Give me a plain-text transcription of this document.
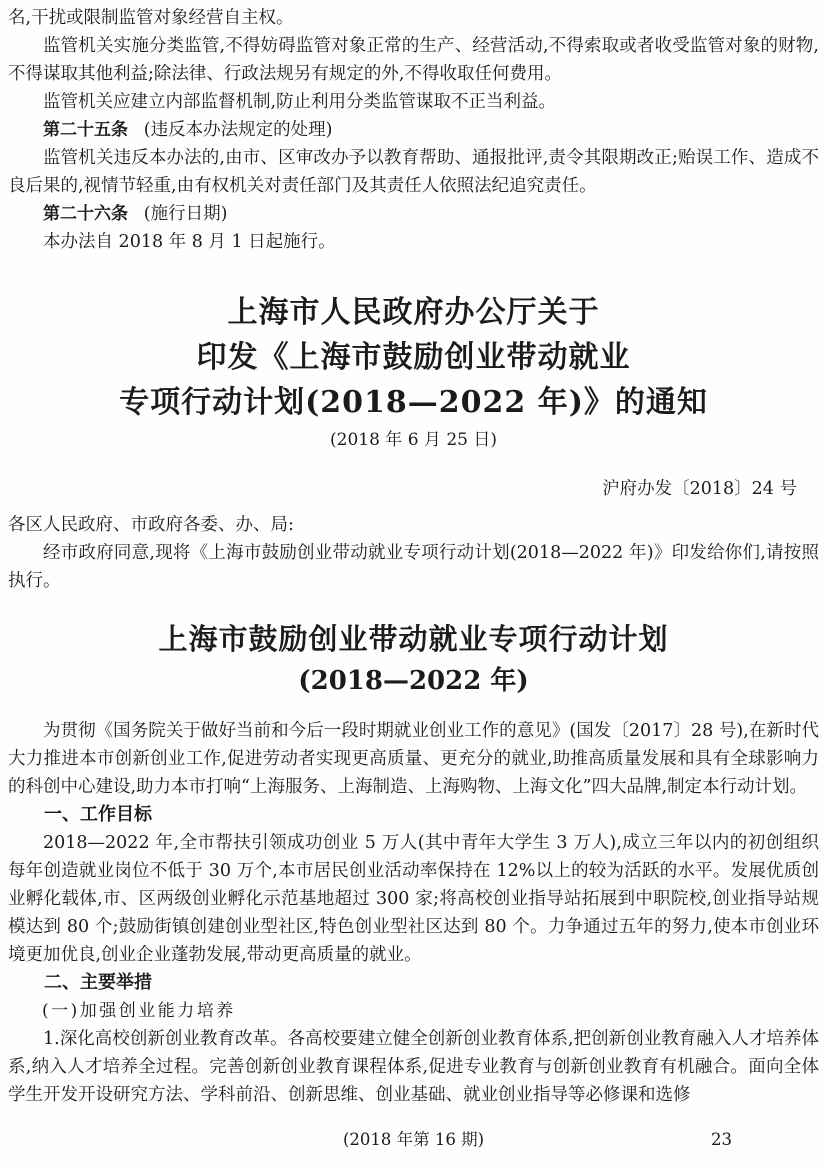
名,干扰或限制监管对象经营自主权。

监管机关实施分类监管,不得妨碍监管对象正常的生产、经营活动,不得索取或者收受监管对象的财物,不得谋取其他利益;除法律、行政法规另有规定的外,不得收取任何费用。

监管机关应建立内部监督机制,防止利用分类监管谋取不正当利益。

第二十五条 (违反本办法规定的处理)

监管机关违反本办法的,由市、区审改办予以教育帮助、通报批评,责令其限期改正;贻误工作、造成不良后果的,视情节轻重,由有权机关对责任部门及其责任人依照法纪追究责任。

第二十六条 (施行日期)

本办法自 2018 年 8 月 1 日起施行。

上海市人民政府办公厅关于
印发《上海市鼓励创业带动就业
专项行动计划(2018—2022 年)》的通知

(2018 年 6 月 25 日)

沪府办发〔2018〕24 号

各区人民政府、市政府各委、办、局:

经市政府同意,现将《上海市鼓励创业带动就业专项行动计划(2018—2022 年)》印发给你们,请按照执行。

上海市鼓励创业带动就业专项行动计划

(2018—2022 年)

为贯彻《国务院关于做好当前和今后一段时期就业创业工作的意见》(国发〔2017〕28 号),在新时代大力推进本市创新创业工作,促进劳动者实现更高质量、更充分的就业,助推高质量发展和具有全球影响力的科创中心建设,助力本市打响“上海服务、上海制造、上海购物、上海文化”四大品牌,制定本行动计划。

一、工作目标

2018—2022 年,全市帮扶引领成功创业 5 万人(其中青年大学生 3 万人),成立三年以内的初创组织每年创造就业岗位不低于 30 万个,本市居民创业活动率保持在 12%以上的较为活跃的水平。发展优质创业孵化载体,市、区两级创业孵化示范基地超过 300 家;将高校创业指导站拓展到中职院校,创业指导站规模达到 80 个;鼓励街镇创建创业型社区,特色创业型社区达到 80 个。力争通过五年的努力,使本市创业环境更加优良,创业企业蓬勃发展,带动更高质量的就业。

二、主要举措

(一)加强创业能力培养

1.深化高校创新创业教育改革。各高校要建立健全创新创业教育体系,把创新创业教育融入人才培养体系,纳入人才培养全过程。完善创新创业教育课程体系,促进专业教育与创新创业教育有机融合。面向全体学生开发开设研究方法、学科前沿、创新思维、创业基础、就业创业指导等必修课和选修

(2018 年第 16 期)	23
